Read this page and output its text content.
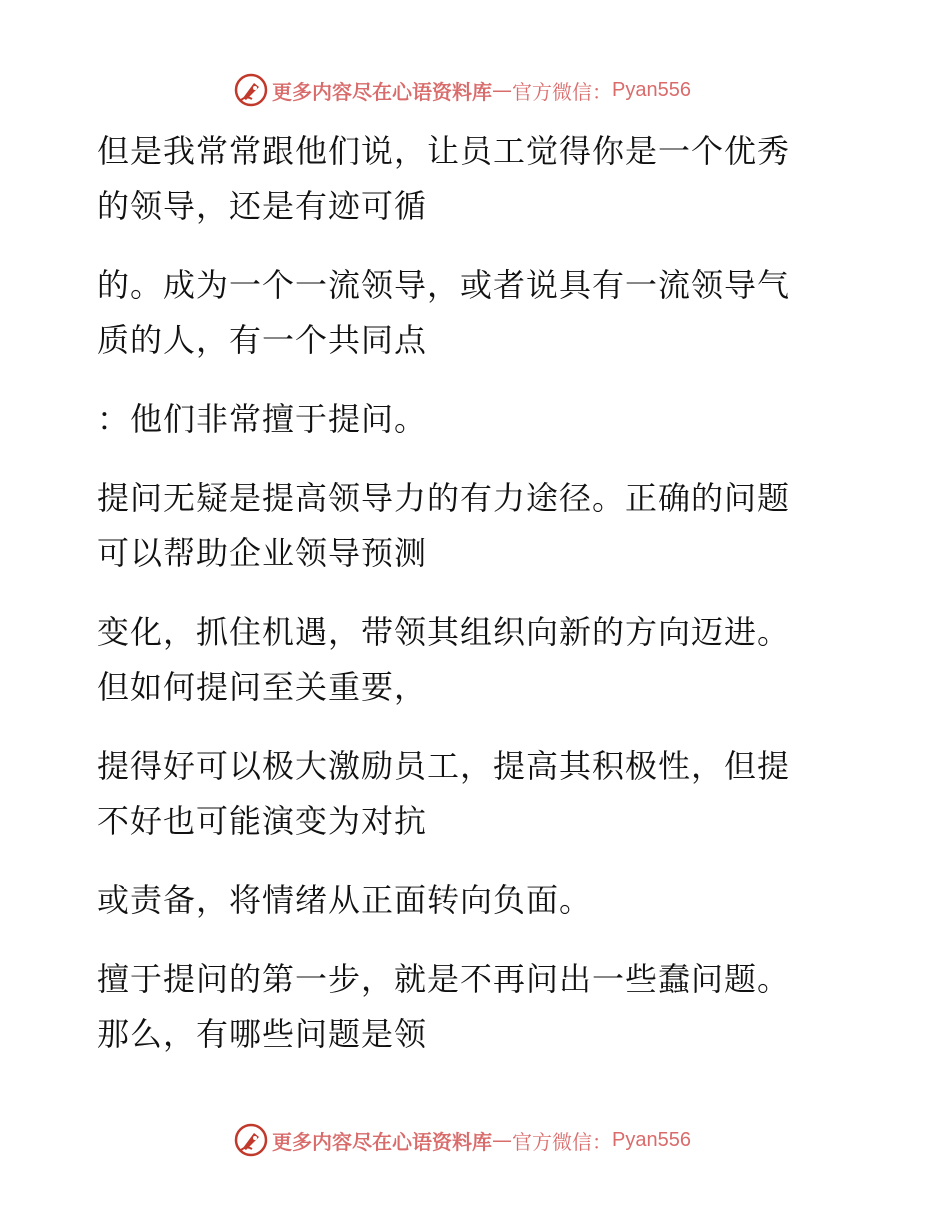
更多内容尽在心语资料库 — 官方微信： Pyan556

但是我常常跟他们说，让员工觉得你是一个优秀
的领导，还是有迹可循

的。成为一个一流领导，或者说具有一流领导气
质的人，有一个共同点

：他们非常擅于提问。

提问无疑是提高领导力的有力途径。正确的问题
可以帮助企业领导预测

变化，抓住机遇，带领其组织向新的方向迈进。
但如何提问至关重要，

提得好可以极大激励员工，提高其积极性，但提
不好也可能演变为对抗

或责备，将情绪从正面转向负面。

擅于提问的第一步，就是不再问出一些蠢问题。
那么，有哪些问题是领

更多内容尽在心语资料库 — 官方微信： Pyan556
